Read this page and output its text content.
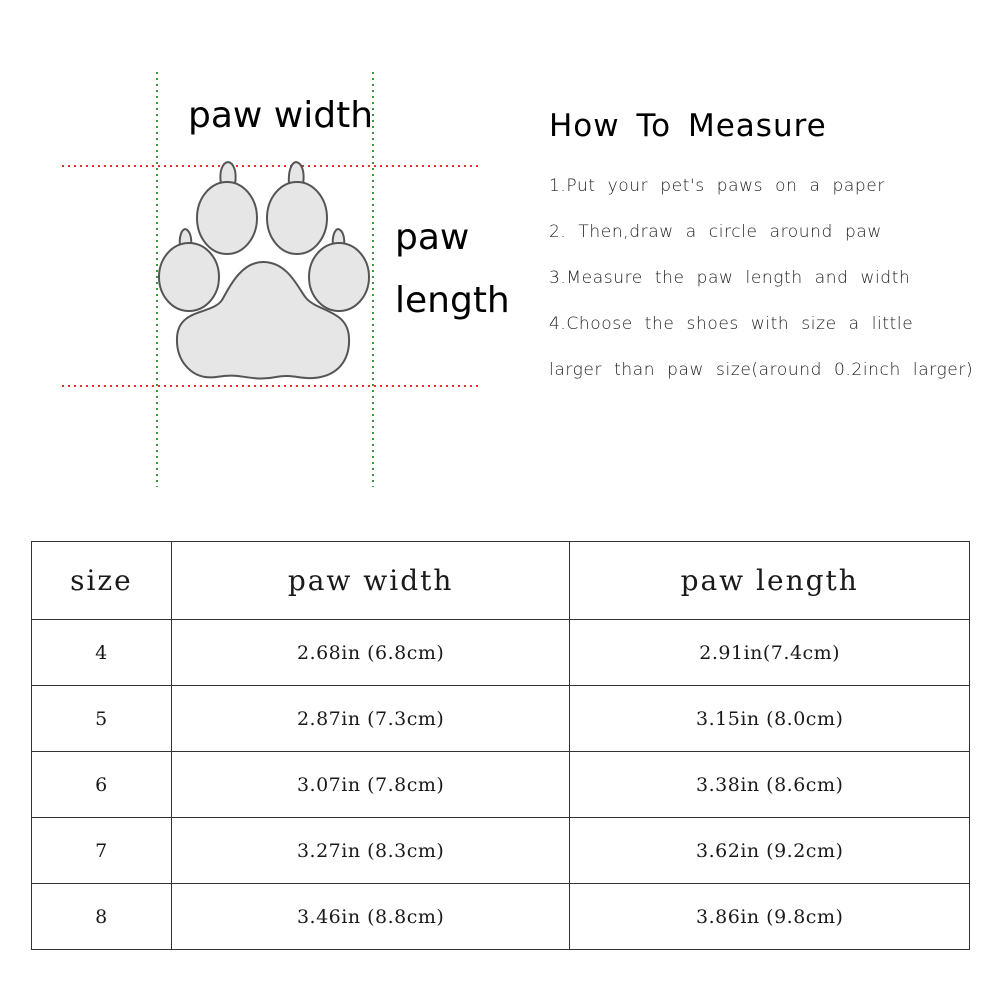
paw width
paw
length
How To Measure
1.Put your pet's paws on a paper
2. Then,draw a circle around paw
3.Measure the paw length and width
4.Choose the shoes with size a little
larger than paw size(around 0.2inch larger)
size	paw width	paw length
4	2.68in (6.8cm)	2.91in(7.4cm)
5	2.87in (7.3cm)	3.15in (8.0cm)
6	3.07in (7.8cm)	3.38in (8.6cm)
7	3.27in (8.3cm)	3.62in (9.2cm)
8	3.46in (8.8cm)	3.86in (9.8cm)
